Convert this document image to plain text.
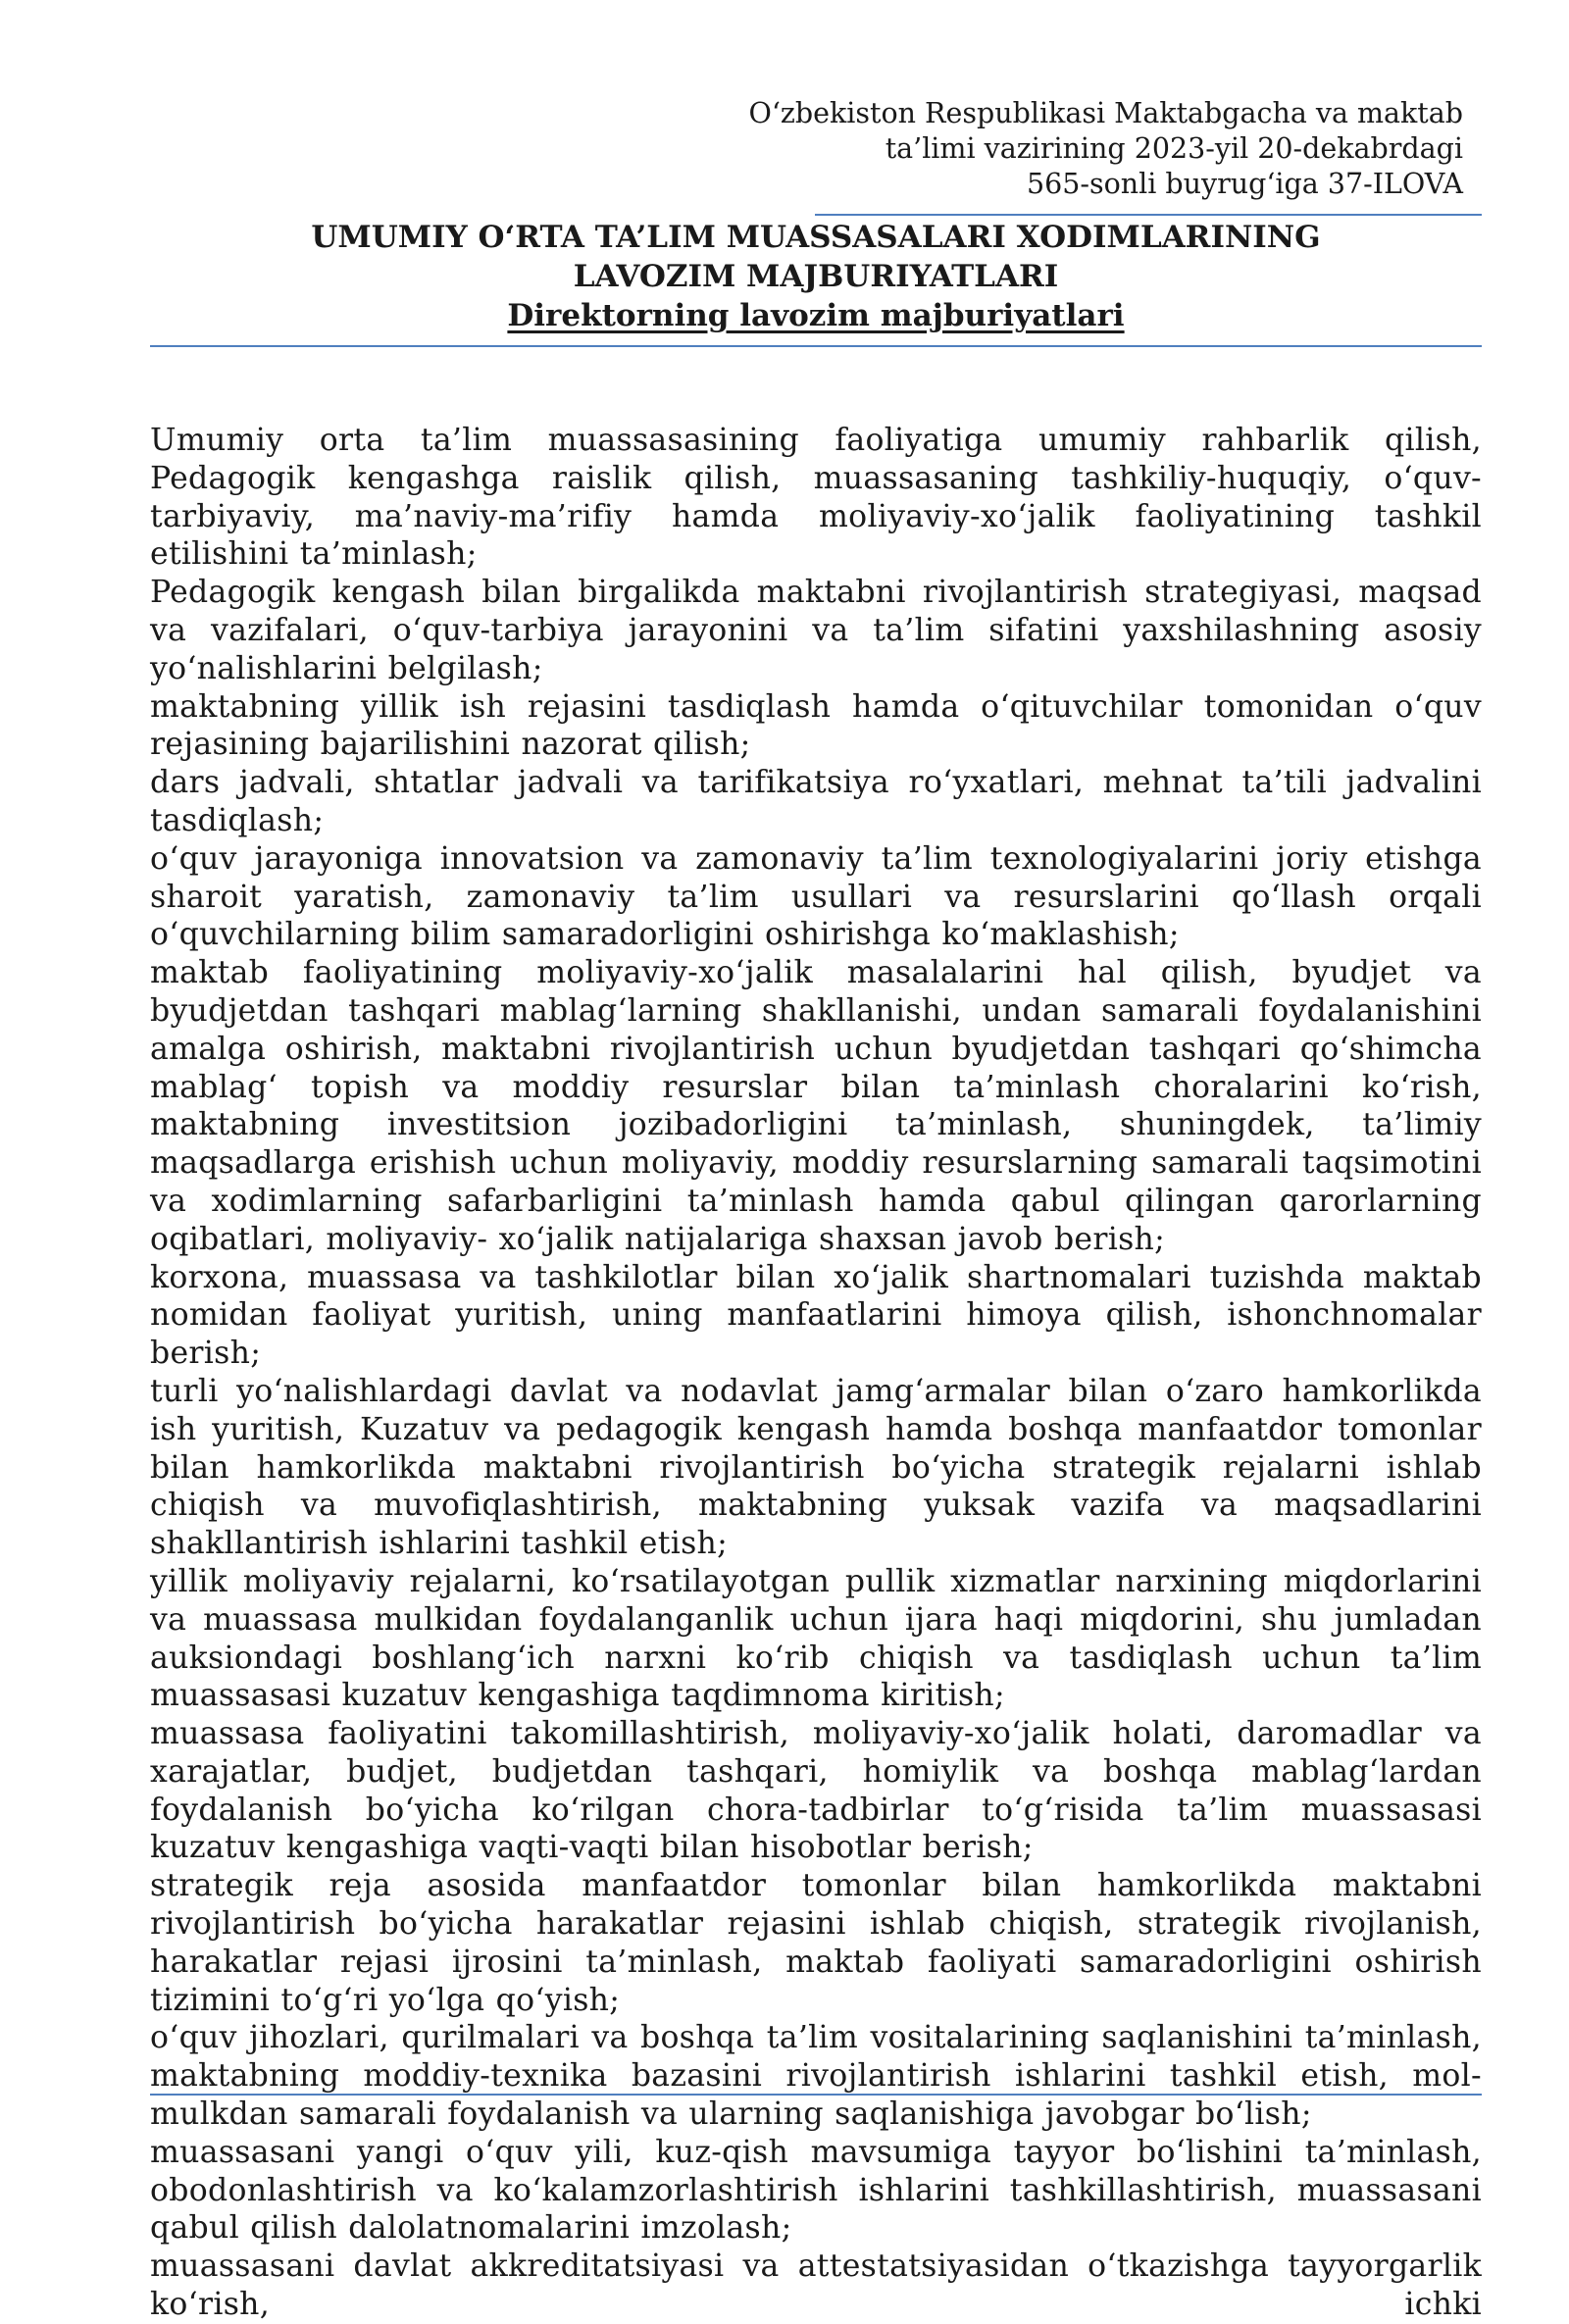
O‘zbekiston Respublikasi Maktabgacha va maktab
ta’limi vazirining 2023-yil 20-dekabrdagi
565-sonli buyrug‘iga 37-ILOVA
UMUMIY O‘RTA TA’LIM MUASSASALARI XODIMLARINING
LAVOZIM MAJBURIYATLARI
Direktorning lavozim majburiyatlari

Umumiy orta ta’lim muassasasining faoliyatiga umumiy rahbarlik qilish, Pedagogik kengashga raislik qilish, muassasaning tashkiliy-huquqiy, o‘quv-tarbiyaviy, ma’naviy-ma’rifiy hamda moliyaviy-xo‘jalik faoliyatining tashkil etilishini ta’minlash;

Pedagogik kengash bilan birgalikda maktabni rivojlantirish strategiyasi, maqsad va vazifalari, o‘quv-tarbiya jarayonini va ta’lim sifatini yaxshilashning asosiy yo‘nalishlarini belgilash;

maktabning yillik ish rejasini tasdiqlash hamda o‘qituvchilar tomonidan o‘quv rejasining bajarilishini nazorat qilish;

dars jadvali, shtatlar jadvali va tarifikatsiya ro‘yxatlari, mehnat ta’tili jadvalini tasdiqlash;

o‘quv jarayoniga innovatsion va zamonaviy ta’lim texnologiyalarini joriy etishga sharoit yaratish, zamonaviy ta’lim usullari va resurslarini qo‘llash orqali o‘quvchilarning bilim samaradorligini oshirishga ko‘maklashish;

maktab faoliyatining moliyaviy-xo‘jalik masalalarini hal qilish, byudjet va byudjetdan tashqari mablag‘larning shakllanishi, undan samarali foydalanishini amalga oshirish, maktabni rivojlantirish uchun byudjetdan tashqari qo‘shimcha mablag‘ topish va moddiy resurslar bilan ta’minlash choralarini ko‘rish, maktabning investitsion jozibadorligini ta’minlash, shuningdek, ta’limiy maqsadlarga erishish uchun moliyaviy, moddiy resurslarning samarali taqsimotini va xodimlarning safarbarligini ta’minlash hamda qabul qilingan qarorlarning oqibatlari, moliyaviy- xo‘jalik natijalariga shaxsan javob berish;

korxona, muassasa va tashkilotlar bilan xo‘jalik shartnomalari tuzishda maktab nomidan faoliyat yuritish, uning manfaatlarini himoya qilish, ishonchnomalar berish;

turli yo‘nalishlardagi davlat va nodavlat jamg‘armalar bilan o‘zaro hamkorlikda ish yuritish, Kuzatuv va pedagogik kengash hamda boshqa manfaatdor tomonlar bilan hamkorlikda maktabni rivojlantirish bo‘yicha strategik rejalarni ishlab chiqish va muvofiqlashtirish, maktabning yuksak vazifa va maqsadlarini shakllantirish ishlarini tashkil etish;

yillik moliyaviy rejalarni, ko‘rsatilayotgan pullik xizmatlar narxining miqdorlarini va muassasa mulkidan foydalanganlik uchun ijara haqi miqdorini, shu jumladan auksiondagi boshlang‘ich narxni ko‘rib chiqish va tasdiqlash uchun ta’lim muassasasi kuzatuv kengashiga taqdimnoma kiritish;

muassasa faoliyatini takomillashtirish, moliyaviy-xo‘jalik holati, daromadlar va xarajatlar, budjet, budjetdan tashqari, homiylik va boshqa mablag‘lardan foydalanish bo‘yicha ko‘rilgan chora-tadbirlar to‘g‘risida ta’lim muassasasi kuzatuv kengashiga vaqti-vaqti bilan hisobotlar berish;

strategik reja asosida manfaatdor tomonlar bilan hamkorlikda maktabni rivojlantirish bo‘yicha harakatlar rejasini ishlab chiqish, strategik rivojlanish, harakatlar rejasi ijrosini ta’minlash, maktab faoliyati samaradorligini oshirish tizimini to‘g‘ri yo‘lga qo‘yish;

o‘quv jihozlari, qurilmalari va boshqa ta’lim vositalarining saqlanishini ta’minlash, maktabning moddiy-texnika bazasini rivojlantirish ishlarini tashkil etish, mol-mulkdan samarali foydalanish va ularning saqlanishiga javobgar bo‘lish;

muassasani yangi o‘quv yili, kuz-qish mavsumiga tayyor bo‘lishini ta’minlash, obodonlashtirish va ko‘kalamzorlashtirish ishlarini tashkillashtirish, muassasani qabul qilish dalolatnomalarini imzolash;

muassasani davlat akkreditatsiyasi va attestatsiyasidan o‘tkazishga tayyorgarlik ko‘rish, ichki
